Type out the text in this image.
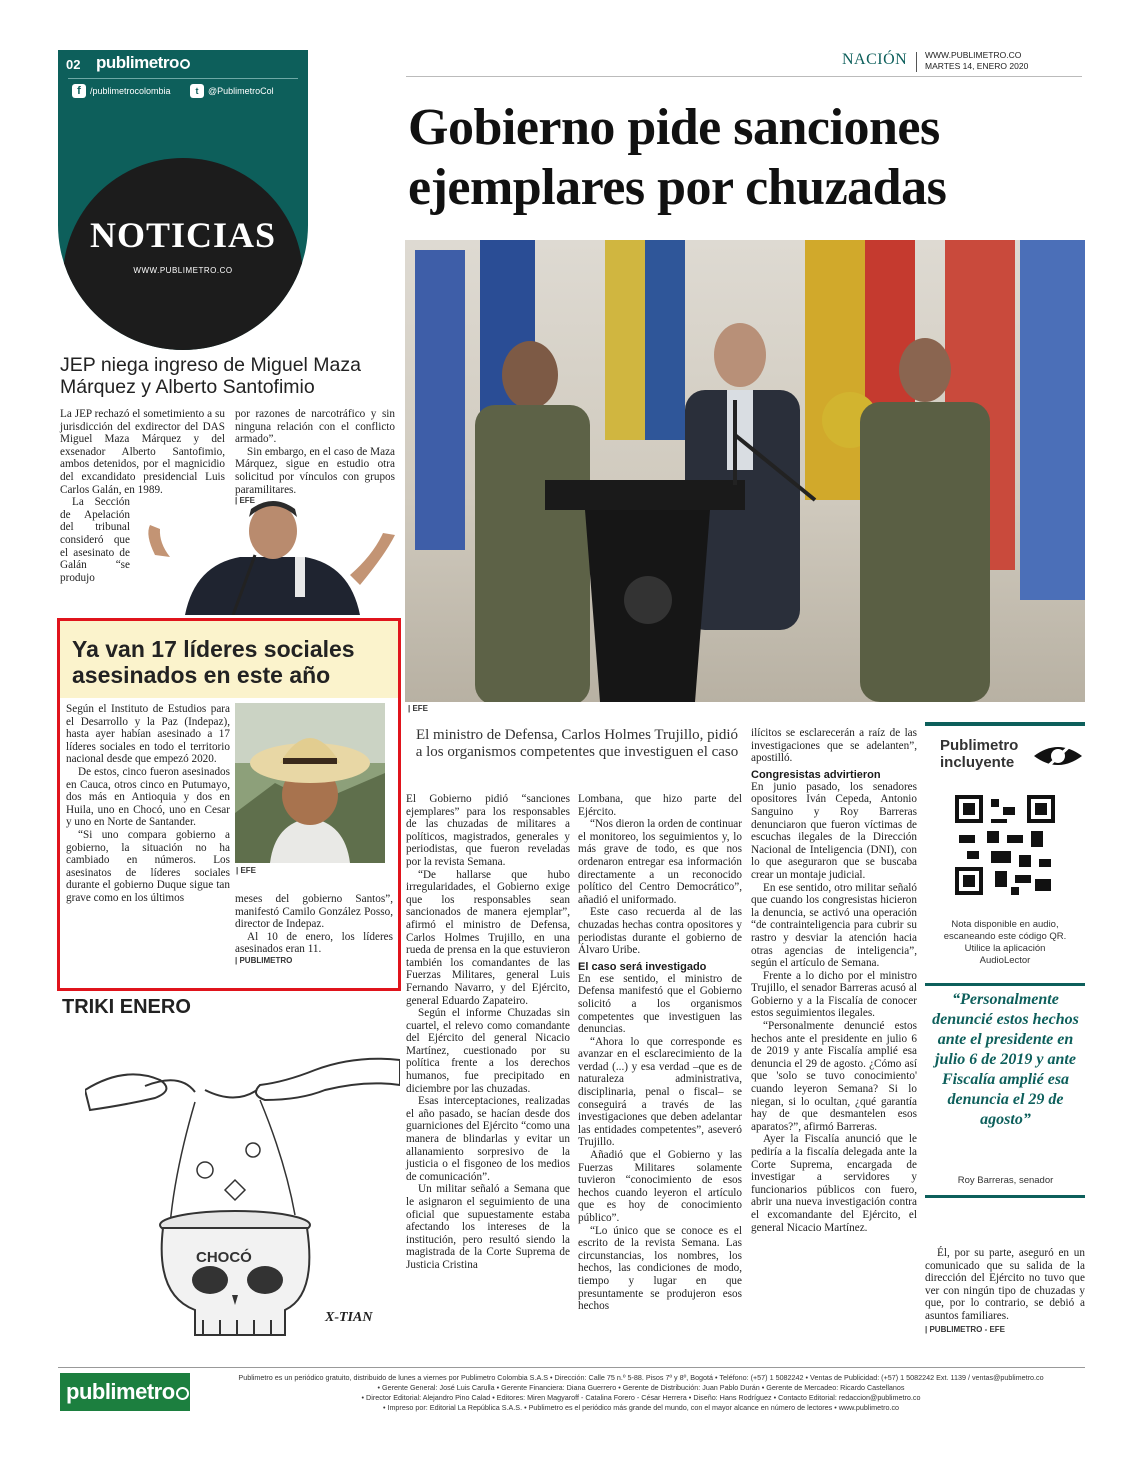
02 publimetro
f	/publimetrocolombia	t	@PublimetroCol
NOTICIAS
WWW.PUBLIMETRO.CO
NACIÓN WWW.PUBLIMETRO.CO
MARTES 14, ENERO 2020
Gobierno pide sanciones
ejemplares por chuzadas
| EFE
El ministro de Defensa, Carlos Holmes Trujillo, pidió a los organismos competentes que investiguen el caso

El Gobierno pidió “sanciones ejemplares” para los responsables de las chuzadas de militares a políticos, magistrados, generales y periodistas, que fueron reveladas por la revista Semana.

“De hallarse que hubo irregularidades, el Gobierno exige que los responsables sean sancionados de manera ejemplar”, afirmó el ministro de Defensa, Carlos Holmes Trujillo, en una rueda de prensa en la que estuvieron también los comandantes de las Fuerzas Militares, general Luis Fernando Navarro, y del Ejército, general Eduardo Zapateiro.

Según el informe Chuzadas sin cuartel, el relevo como comandante del Ejército del general Nicacio Martínez, cuestionado por su política frente a los derechos humanos, fue precipitado en diciembre por las chuzadas.

Esas interceptaciones, realizadas el año pasado, se hacían desde dos guarniciones del Ejército “como una manera de blindarlas y evitar un allanamiento sorpresivo de la justicia o el fisgoneo de los medios de comunicación”.

Un militar señaló a Semana que le asignaron el seguimiento de una oficial que supuestamente estaba afectando los intereses de la institución, pero resultó siendo la magistrada de la Corte Suprema de Justicia Cristina

Lombana, que hizo parte del Ejército.

“Nos dieron la orden de continuar el monitoreo, los seguimientos y, lo más grave de todo, es que nos ordenaron entregar esa información directamente a un reconocido político del Centro Democrático”, añadió el uniformado.

Este caso recuerda al de las chuzadas hechas contra opositores y periodistas durante el gobierno de Álvaro Uribe.

El caso será investigado

En ese sentido, el ministro de Defensa manifestó que el Gobierno solicitó a los organismos competentes que investiguen las denuncias.

“Ahora lo que corresponde es avanzar en el esclarecimiento de la verdad (...) y esa verdad –que es de naturaleza administrativa, disciplinaria, penal o fiscal– se conseguirá a través de las investigaciones que deben adelantar las entidades competentes”, aseveró Trujillo.

Añadió que el Gobierno y las Fuerzas Militares solamente tuvieron “conocimiento de esos hechos cuando leyeron el artículo que es hoy de conocimiento público”.

“Lo único que se conoce es el escrito de la revista Semana. Las circunstancias, los nombres, los hechos, las condiciones de modo, tiempo y lugar en que presuntamente se produjeron esos hechos

ilícitos se esclarecerán a raíz de las investigaciones que se adelanten”, apostilló.

Congresistas advirtieron

En junio pasado, los senadores opositores Iván Cepeda, Antonio Sanguino y Roy Barreras denunciaron que fueron víctimas de escuchas ilegales de la Dirección Nacional de Inteligencia (DNI), con lo que aseguraron que se buscaba crear un montaje judicial.

En ese sentido, otro militar señaló que cuando los congresistas hicieron la denuncia, se activó una operación “de contrainteligencia para cubrir su rastro y desviar la atención hacia otras agencias de inteligencia”, según el artículo de Semana.

Frente a lo dicho por el ministro Trujillo, el senador Barreras acusó al Gobierno y a la Fiscalía de conocer estos seguimientos ilegales.

“Personalmente denuncié estos hechos ante el presidente en julio 6 de 2019 y ante Fiscalía amplié esa denuncia el 29 de agosto. ¿Cómo así que 'solo se tuvo conocimiento' cuando leyeron Semana? Si lo niegan, si lo ocultan, ¿qué garantía hay de que desmantelen esos aparatos?”, afirmó Barreras.

Ayer la Fiscalía anunció que le pediría a la fiscalía delegada ante la Corte Suprema, encargada de investigar a servidores y funcionarios públicos con fuero, abrir una nueva investigación contra el excomandante del Ejército, el general Nicacio Martínez.

Publimetro
incluyente
Nota disponible en audio, escaneando este código QR. Utilice la aplicación AudioLector
“Personalmente denuncié estos hechos ante el presidente en julio 6 de 2019 y ante Fiscalía amplié esa denuncia el 29 de agosto”
Roy Barreras, senador

Él, por su parte, aseguró en un comunicado que su salida de la dirección del Ejército no tuvo que ver con ningún tipo de chuzadas y que, por lo contrario, se debió a asuntos familiares.

| PUBLIMETRO - EFE
JEP niega ingreso de Miguel Maza Márquez y Alberto Santofimio

La JEP rechazó el sometimiento a su jurisdicción del exdirector del DAS Miguel Maza Márquez y del exsenador Alberto Santofimio, ambos detenidos, por el magnicidio del excandidato presidencial Luis Carlos Galán, en 1989.

La Sección de Apelación del tribunal consideró que el asesinato de Galán “se produjo

por razones de narcotráfico y sin ninguna relación con el conflicto armado”.

Sin embargo, en el caso de Maza Márquez, sigue en estudio otra solicitud por vínculos con grupos paramilitares.

| EFE
Ya van 17 líderes sociales
asesinados en este año

Según el Instituto de Estudios para el Desarrollo y la Paz (Indepaz), hasta ayer habían asesinado a 17 líderes sociales en todo el territorio nacional desde que empezó 2020.

De estos, cinco fueron asesinados en Cauca, otros cinco en Putumayo, dos más en Antioquia y dos en Huila, uno en Chocó, uno en Cesar y uno en Norte de Santander.

“Si uno compara gobierno a gobierno, la situación no ha cambiado en números. Los asesinatos de líderes sociales durante el gobierno Duque sigue tan grave como en los últimos

| EFE

meses del gobierno Santos”, manifestó Camilo González Posso, director de Indepaz.

Al 10 de enero, los líderes asesinados eran 11.

| PUBLIMETRO
TRIKI ENERO
CHOCÓ
X-TIAN
publimetro
Publimetro es un periódico gratuito, distribuido de lunes a viernes por Publimetro Colombia S.A.S • Dirección: Calle 75 n.º 5-88. Pisos 7º y 8º, Bogotá • Teléfono: (+57) 1 5082242 • Ventas de Publicidad: (+57) 1 5082242 Ext. 1139 / ventas@publimetro.co
• Gerente General: José Luis Carulla • Gerente Financiera: Diana Guerrero • Gerente de Distribución: Juan Pablo Durán • Gerente de Mercadeo: Ricardo Castellanos
• Director Editorial: Alejandro Pino Calad • Editores: Miren Magyaroff - Catalina Forero - César Herrera • Diseño: Hans Rodríguez • Contacto Editorial: redaccion@publimetro.co
• Impreso por: Editorial La República S.A.S. • Publimetro es el periódico más grande del mundo, con el mayor alcance en número de lectores • www.publimetro.co
